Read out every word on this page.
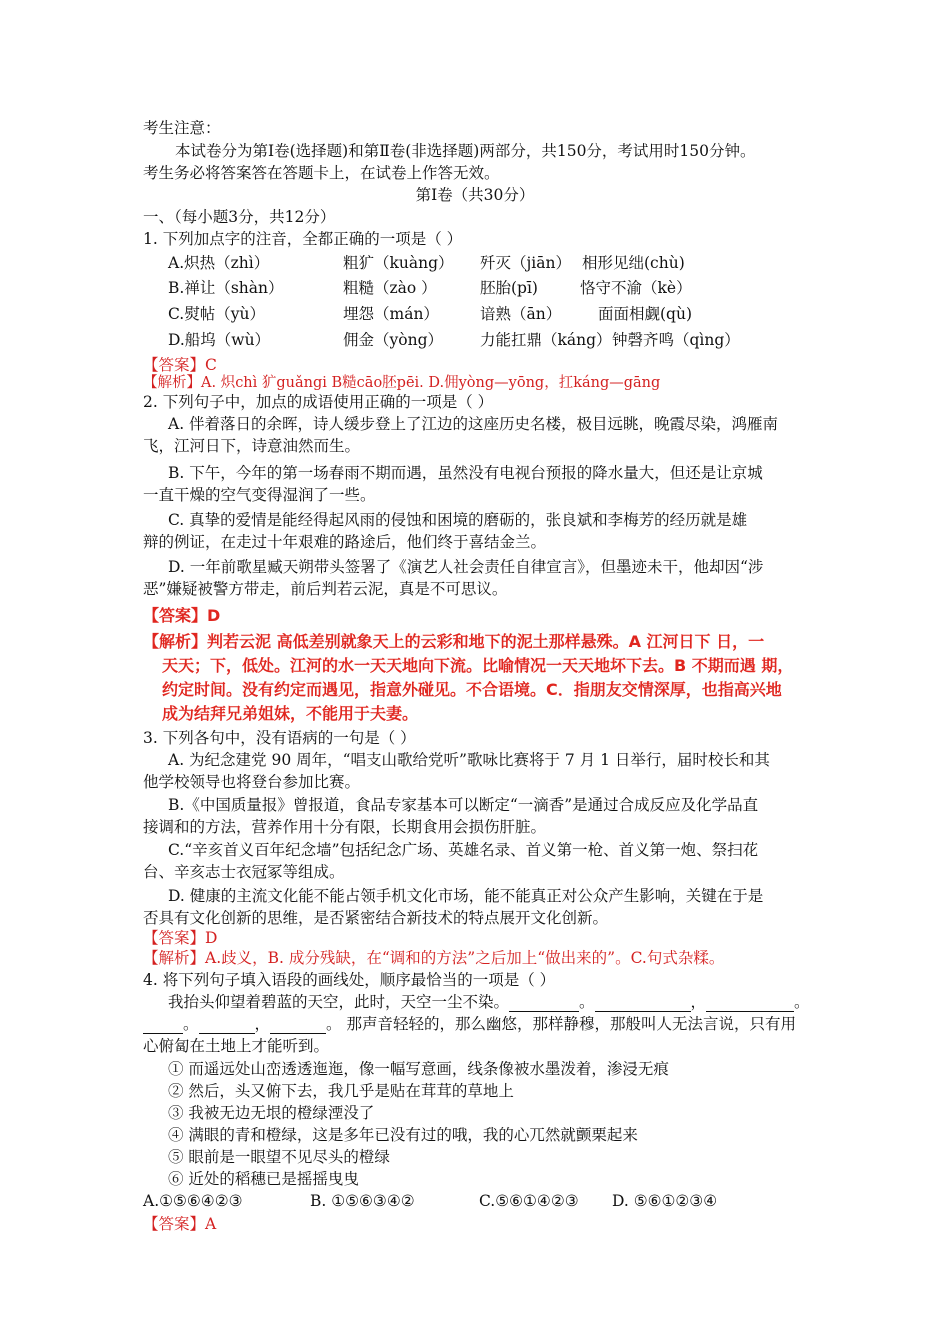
考生注意：
本试卷分为第Ⅰ卷(选择题)和第Ⅱ卷(非选择题)两部分，共150分，考试用时150分钟。
考生务必将答案答在答题卡上，在试卷上作答无效。
第Ⅰ卷（共30分）
一、（每小题3分，共12分）
1. 下列加点字的注音，全都正确的一项是（ ）
A.炽热（zhì）	粗犷（kuàng） 歼灭（jiān） 相形见绌(chù)
B.禅让（shàn）	粗糙（zào ）	胚胎(pī)	恪守不渝（kè）
C.熨帖（yù）	埋怨（mán）	谙熟（ān） 面面相觑(qù)
D.船坞（wù）	佣金（yòng） 力能扛鼎（káng） 钟磬齐鸣（qìng）
【答案】C
【解析】A. 炽chì 犷guǎngi B糙cāo胚pēi. D.佣yòng—yōng，扛káng—gāng
2. 下列句子中，加点的成语使用正确的一项是（ ）
A. 伴着落日的余晖，诗人缓步登上了江边的这座历史名楼，极目远眺，晚霞尽染，鸿雁南
飞，江河日下，诗意油然而生。
B. 下午，今年的第一场春雨不期而遇，虽然没有电视台预报的降水量大，但还是让京城
一直干燥的空气变得湿润了一些。
C. 真挚的爱情是能经得起风雨的侵蚀和困境的磨砺的，张良斌和李梅芳的经历就是雄
辩的例证，在走过十年艰难的路途后，他们终于喜结金兰。
D. 一年前歌星臧天朔带头签署了《演艺人社会责任自律宣言》，但墨迹未干，他却因“涉
恶”嫌疑被警方带走，前后判若云泥，真是不可思议。
【答案】D
【解析】判若云泥 高低差别就象天上的云彩和地下的泥土那样悬殊。A 江河日下 日，一
天天；下，低处。江河的水一天天地向下流。比喻情况一天天地坏下去。B 不期而遇 期，
约定时间。没有约定而遇见，指意外碰见。不合语境。C．指朋友交情深厚，也指高兴地
成为结拜兄弟姐妹，不能用于夫妻。
3. 下列各句中，没有语病的一句是（ ）
A. 为纪念建党 90 周年，“唱支山歌给党听”歌咏比赛将于 7 月 1 日举行，届时校长和其
他学校领导也将登台参加比赛。
B.《中国质量报》曾报道，食品专家基本可以断定“一滴香”是通过合成反应及化学品直
接调和的方法，营养作用十分有限，长期食用会损伤肝脏。
C.“辛亥首义百年纪念墙”包括纪念广场、英雄名录、首义第一枪、首义第一炮、祭扫花
台、辛亥志士衣冠冢等组成。
D. 健康的主流文化能不能占领手机文化市场，能不能真正对公众产生影响，关键在于是
否具有文化创新的思维，是否紧密结合新技术的特点展开文化创新。
【答案】D
【解析】A.歧义，B. 成分残缺，在“调和的方法”之后加上“做出来的”。C.句式杂糅。
4. 将下列句子填入语段的画线处，顺序最恰当的一项是（ ）
我抬头仰望着碧蓝的天空，此时，天空一尘不染。	。	，	。
。	，	。 那声音轻轻的，那么幽悠，那样静穆，那般叫人无法言说，只有用
心俯匐在土地上才能听到。
① 而遥远处山峦透透迤迤，像一幅写意画，线条像被水墨泼着，渗浸无痕
② 然后，头又俯下去，我几乎是贴在茸茸的草地上
③ 我被无边无垠的橙绿湮没了
④ 满眼的青和橙绿，这是多年已没有过的哦，我的心兀然就颤栗起来
⑤ 眼前是一眼望不见尽头的橙绿
⑥ 近处的稻穗已是摇摇曳曳
A.①⑤⑥④②③	B. ①⑤⑥③④②	C.⑤⑥①④②③ D. ⑤⑥①②③④
【答案】A
